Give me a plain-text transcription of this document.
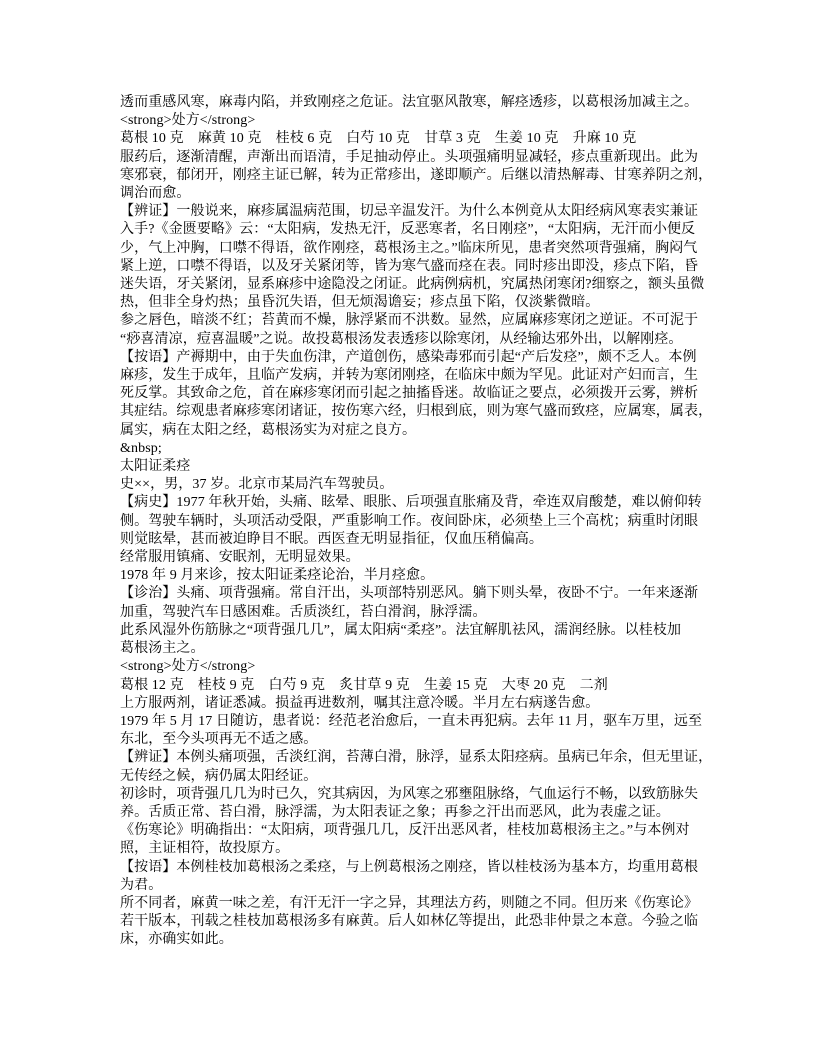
透而重感风寒，麻毒内陷，并致刚痉之危证。法宜驱风散寒，解痉透疹，以葛根汤加减主之。

<strong>处方</strong>

葛根 10 克　麻黄 10 克　桂枝 6 克　白芍 10 克　甘草 3 克　生姜 10 克　升麻 10 克

服药后，逐渐清醒，声渐出而语清，手足抽动停止。头项强痛明显减轻，疹点重新现出。此为
寒邪衰，郁闭开，刚痉主证已解，转为正常疹出，遂即顺产。后继以清热解毒、甘寒养阴之剂，
调治而愈。

【辨证】一般说来，麻疹属温病范围，切忌辛温发汗。为什么本例竟从太阳经病风寒表实兼证
入手?《金匮要略》云：“太阳病，发热无汗，反恶寒者，名日刚痉”，“太阳病，无汗而小便反
少，气上冲胸，口噤不得语，欲作刚痉，葛根汤主之。”临床所见，患者突然项背强痛，胸闷气
紧上逆，口噤不得语，以及牙关紧闭等，皆为寒气盛而痉在表。同时疹出即没，疹点下陷，昏
迷失语，牙关紧闭，显系麻疹中途隐没之闭证。此病例病机，究属热闭寒闭?细察之，额头虽微
热，但非全身灼热；虽昏沉失语，但无烦渴谵妄；疹点虽下陷，仅淡紫微暗。

参之唇色，暗淡不红；苔黄而不燥，脉浮紧而不洪数。显然，应属麻疹寒闭之逆证。不可泥于
“痧喜清凉，痘喜温暖”之说。故投葛根汤发表透疹以除寒闭，从经输达邪外出，以解刚痉。

【按语】产褥期中，由于失血伤津，产道创伤，感染毒邪而引起“产后发痉”，颇不乏人。本例
麻疹，发生于成年，且临产发病，并转为寒闭刚痉，在临床中颇为罕见。此证对产妇而言，生
死反掌。其致命之危，首在麻疹寒闭而引起之抽搐昏迷。故临证之要点，必须拨开云雾，辨析
其症结。综观患者麻疹寒闭诸证，按伤寒六经，归根到底，则为寒气盛而致痉，应属寒，属表，
属实，病在太阳之经，葛根汤实为对症之良方。

&nbsp;

太阳证柔痉

史××，男，37 岁。北京市某局汽车驾驶员。

【病史】1977 年秋开始，头痛、眩晕、眼胀、后项强直胀痛及背，牵连双肩酸楚，难以俯仰转
侧。驾驶车辆时，头项活动受限，严重影响工作。夜间卧床，必须垫上三个高枕；病重时闭眼
则觉眩晕，甚而被迫睁目不眠。西医查无明显指征，仅血压稍偏高。

经常服用镇痛、安眠剂，无明显效果。

1978 年 9 月来诊，按太阳证柔痉论治，半月痉愈。

【诊治】头痛、项背强痛。常自汗出，头项部特别恶风。躺下则头晕，夜卧不宁。一年来逐渐
加重，驾驶汽车日感困难。舌质淡红，苔白滑润，脉浮濡。

此系风湿外伤筋脉之“项背强几几”，属太阳病“柔痉”。法宜解肌祛风，濡润经脉。以桂枝加
葛根汤主之。

<strong>处方</strong>

葛根 12 克　桂枝 9 克　白芍 9 克　炙甘草 9 克　生姜 15 克　大枣 20 克　二剂

上方服两剂，诸证悉减。损益再进数剂，嘱其注意冷暖。半月左右病遂告愈。

1979 年 5 月 17 日随访，患者说：经范老治愈后，一直未再犯病。去年 11 月，驱车万里，远至
东北，至今头项再无不适之感。

【辨证】本例头痛项强，舌淡红润，苔薄白滑，脉浮，显系太阳痉病。虽病已年余，但无里证，
无传经之候，病仍属太阳经证。

初诊时，项背强几几为时已久，究其病因，为风寒之邪壅阻脉络，气血运行不畅，以致筋脉失
养。舌质正常、苔白滑，脉浮濡，为太阳表证之象；再参之汗出而恶风，此为表虚之证。

《伤寒论》明确指出：“太阳病，项背强几几，反汗出恶风者，桂枝加葛根汤主之。”与本例对
照，主证相符，故投原方。

【按语】本例桂枝加葛根汤之柔痉，与上例葛根汤之刚痉，皆以桂枝汤为基本方，均重用葛根
为君。

所不同者，麻黄一味之差，有汗无汗一字之异，其理法方药，则随之不同。但历来《伤寒论》
若干版本，刊载之桂枝加葛根汤多有麻黄。后人如林亿等提出，此恐非仲景之本意。今验之临
床，亦确实如此。
